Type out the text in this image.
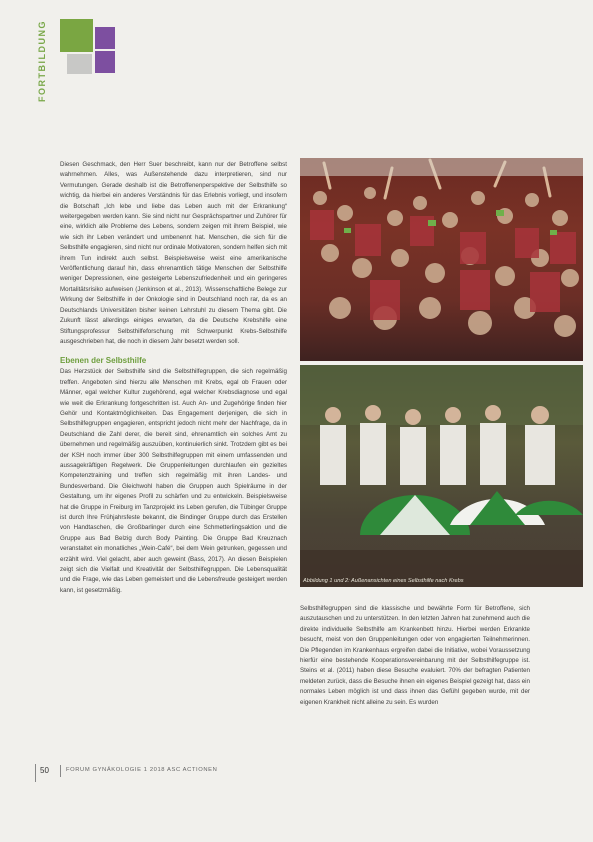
FORTBILDUNG

Diesen Geschmack, den Herr Suer beschreibt, kann nur der Betroffene selbst wahrnehmen. Alles, was Außenstehende dazu interpretieren, sind nur Vermutungen. Gerade deshalb ist die Betroffenenperspektive der Selbsthilfe so wichtig, da hierbei ein anderes Verständnis für das Erlebnis vorliegt, und insofern die Botschaft „Ich lebe und liebe das Leben auch mit der Erkrankung“ weitergegeben werden kann. Sie sind nicht nur Gesprächspartner und Zuhörer für eine, wirklich alle Probleme des Lebens, sondern zeigen mit ihrem Beispiel, wie wie sich ihr Leben verändert und umbenennt hat. Menschen, die sich für die Selbsthilfe engagieren, sind nicht nur ordinale Motivatoren, sondern helfen sich mit ihrem Tun indirekt auch selbst. Beispielsweise weist eine amerikanische Veröffentlichung darauf hin, dass ehrenamtlich tätige Menschen der Selbsthilfe weniger Depressionen, eine gesteigerte Lebenszufriedenheit und ein geringeres Mortalitätsrisiko aufweisen (Jenkinson et al., 2013). Wissenschaftliche Belege zur Wirkung der Selbsthilfe in der Onkologie sind in Deutschland noch rar, da es an Deutschlands Universitäten bisher keinen Lehrstuhl zu diesem Thema gibt. Die Zukunft lässt allerdings einiges erwarten, da die Deutsche Krebshilfe eine Stiftungsprofessur Selbsthilfeforschung mit Schwerpunkt Krebs-Selbsthilfe ausgeschrieben hat, die noch in diesem Jahr besetzt werden soll.

Ebenen der Selbsthilfe

Das Herzstück der Selbsthilfe sind die Selbsthilfegruppen, die sich regelmäßig treffen. Angeboten sind hierzu alle Menschen mit Krebs, egal ob Frauen oder Männer, egal welcher Kultur zugehörend, egal welcher Krebsdiagnose und egal wie weit die Erkrankung fortgeschritten ist. Auch An- und Zugehörige finden hier Gehör und Kontaktmöglichkeiten. Das Engagement derjenigen, die sich in Selbsthilfegruppen engagieren, entspricht jedoch nicht mehr der Nachfrage, da in Deutschland die Zahl derer, die bereit sind, ehrenamtlich ein solches Amt zu übernehmen und regelmäßig auszuüben, kontinuierlich sinkt. Trotzdem gibt es bei der KSH noch immer über 300 Selbsthilfegruppen mit einem umfassenden und aussagekräftigen Regelwerk. Die Gruppenleitungen durchlaufen ein gezieltes Kompetenztraining und treffen sich regelmäßig mit ihren Landes- und Bundesverband. Die Gleichwohl haben die Gruppen auch Spielräume in der Gestaltung, um ihr eigenes Profil zu schärfen und zu entwickeln. Beispielsweise hat die Gruppe in Freiburg im Tanzprojekt ins Leben gerufen, die Tübinger Gruppe ist durch Ihre Frühjahrsfeste bekannt, die Bindinger Gruppe durch das Erstellen von Handtaschen, die Großbarlinger durch eine Schmetterlingsaktion und die Gruppe aus Bad Belzig durch Body Painting. Die Gruppe Bad Kreuznach veranstaltet ein monatliches „Wein-Café“, bei dem Wein getrunken, gegessen und erzählt wird. Viel gelacht, aber auch geweint (Bass, 2017). An diesen Beispielen zeigt sich die Vielfalt und Kreativität der Selbsthilfegruppen. Die Lebensqualität und die Frage, wie das Leben gemeistert und die Lebensfreude gesteigert werden kann, ist gesetzmäßig.

Abbildung 1 und 2: Außenansichten eines Selbsthilfe nach Krebs

Selbsthilfegruppen sind die klassische und bewährte Form für Betroffene, sich auszutauschen und zu unterstützen. In den letzten Jahren hat zunehmend auch die direkte individuelle Selbsthilfe am Krankenbett hinzu. Hierbei werden Erkrankte besucht, meist von den Gruppenleitungen oder von engagierten Teilnehmerinnen. Die Pflegenden im Krankenhaus ergreifen dabei die Initiative, wobei Voraussetzung hierfür eine bestehende Kooperationsvereinbarung mit der Selbsthilfegruppe ist. Steins et al. (2011) haben diese Besuche evaluiert. 70% der befragten Patienten meldeten zurück, dass die Besuche ihnen ein eigenes Beispiel gezeigt hat, dass ein normales Leben möglich ist und dass ihnen das Gefühl gegeben wurde, mit der eigenen Krankheit nicht alleine zu sein. Es wurden

50	FORUM GYNÄKOLOGIE 1 2018 ASC ACTIONEN
